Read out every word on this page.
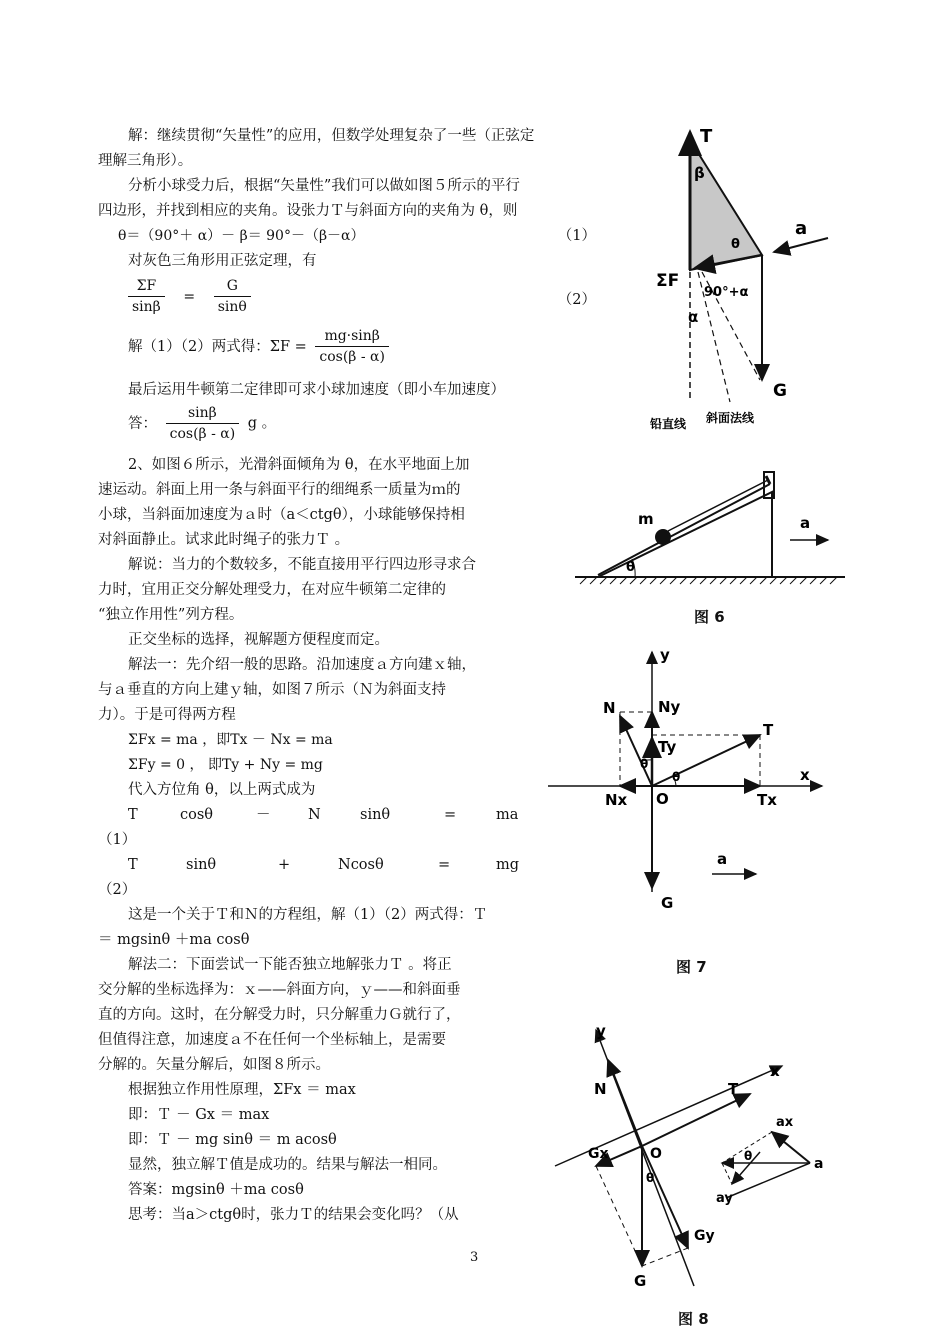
解：继续贯彻“矢量性”的应用，但数学处理复杂了一些（正弦定

理解三角形）。

分析小球受力后，根据“矢量性”我们可以做如图５所示的平行

四边形，并找到相应的夹角。设张力Ｔ与斜面方向的夹角为 θ，则

θ＝（90°＋ α）－ β＝ 90°－（β－α）	（1）

对灰色三角形用正弦定理，有

$\frac{\Sigma F}{\sin\beta} = \frac{G}{\sin\theta}$	（2）
解（1）（2）两式得：$\Sigma F = \frac{mg\cdot\sin\beta}{\cos(\beta - \alpha)}$

最后运用牛顿第二定律即可求小球加速度（即小车加速度）

答： $\frac{\sin\beta}{\cos(\beta - \alpha)}$ g 。

2、如图６所示，光滑斜面倾角为 θ，在水平地面上加

速运动。斜面上用一条与斜面平行的细绳系一质量为ｍ的

小球，当斜面加速度为ａ时（a＜ctgθ），小球能够保持相

对斜面静止。试求此时绳子的张力Ｔ 。

解说：当力的个数较多，不能直接用平行四边形寻求合

力时，宜用正交分解处理受力，在对应牛顿第二定律的

“独立作用性”列方程。

正交坐标的选择，视解题方便程度而定。

解法一：先介绍一般的思路。沿加速度ａ方向建ｘ轴，

与ａ垂直的方向上建ｙ轴，如图７所示（Ｎ为斜面支持

力）。于是可得两方程

ΣFx = ma ，即Tx － Nx = ma

ΣFy = 0 ， 即Ty + Ny = mg

代入方位角 θ，以上两式成为

T	cosθ	－	N	sinθ	=	ma

（1）

T	sinθ	+	Ncosθ	=	mg

（2）

这是一个关于Ｔ和Ｎ的方程组，解（1）（2）两式得：Ｔ

＝ mgsinθ ＋ma cosθ

解法二：下面尝试一下能否独立地解张力Ｔ 。将正

交分解的坐标选择为：ｘ——斜面方向，ｙ——和斜面垂

直的方向。这时，在分解受力时，只分解重力Ｇ就行了，

但值得注意，加速度ａ不在任何一个坐标轴上，是需要

分解的。矢量分解后，如图８所示。

根据独立作用性原理，ΣFx ＝ max

即：Ｔ － Gx ＝ max

即：Ｔ － mg sinθ ＝ m acosθ

显然，独立解Ｔ值是成功的。结果与解法一相同。

答案：mgsinθ ＋ma cosθ

思考：当a＞ctgθ时，张力Ｔ的结果会变化吗？（从

3
T
β
θ
a
ΣF
90°+α
α
G
铅直线 斜面法线
m
θ
a
y
x
N	Ny
T
Ty
θ
θ
Nx O	Tx
a
G
y
x
N	T
Gx	O
θ
Gy
G
ax
θ	a
ay
图 6
图 7
图 8
